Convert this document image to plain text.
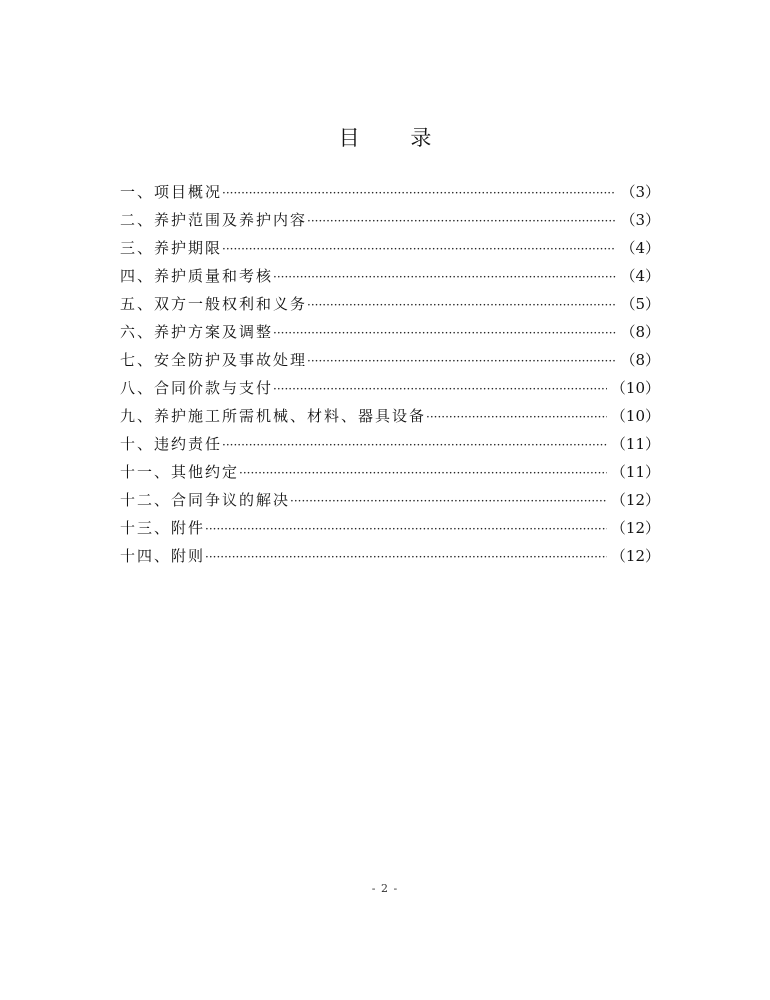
目 录
一、项目概况 ·····	（3）
二、养护范围及养护内容 ·····	（3）
三、养护期限 ·····	（4）
四、养护质量和考核 ·····	（4）
五、双方一般权利和义务 ·····	（5）
六、养护方案及调整 ·····	（8）
七、安全防护及事故处理 ·····	（8）
八、合同价款与支付 ·····	（10）
九、养护施工所需机械、材料、器具设备 ·····	（10）
十、违约责任 ·····	（11）
十一、其他约定 ·····	（11）
十二、合同争议的解决 ·····	（12）
十三、附件 ·····	（12）
十四、附则 ·····	（12）
- 2 -
